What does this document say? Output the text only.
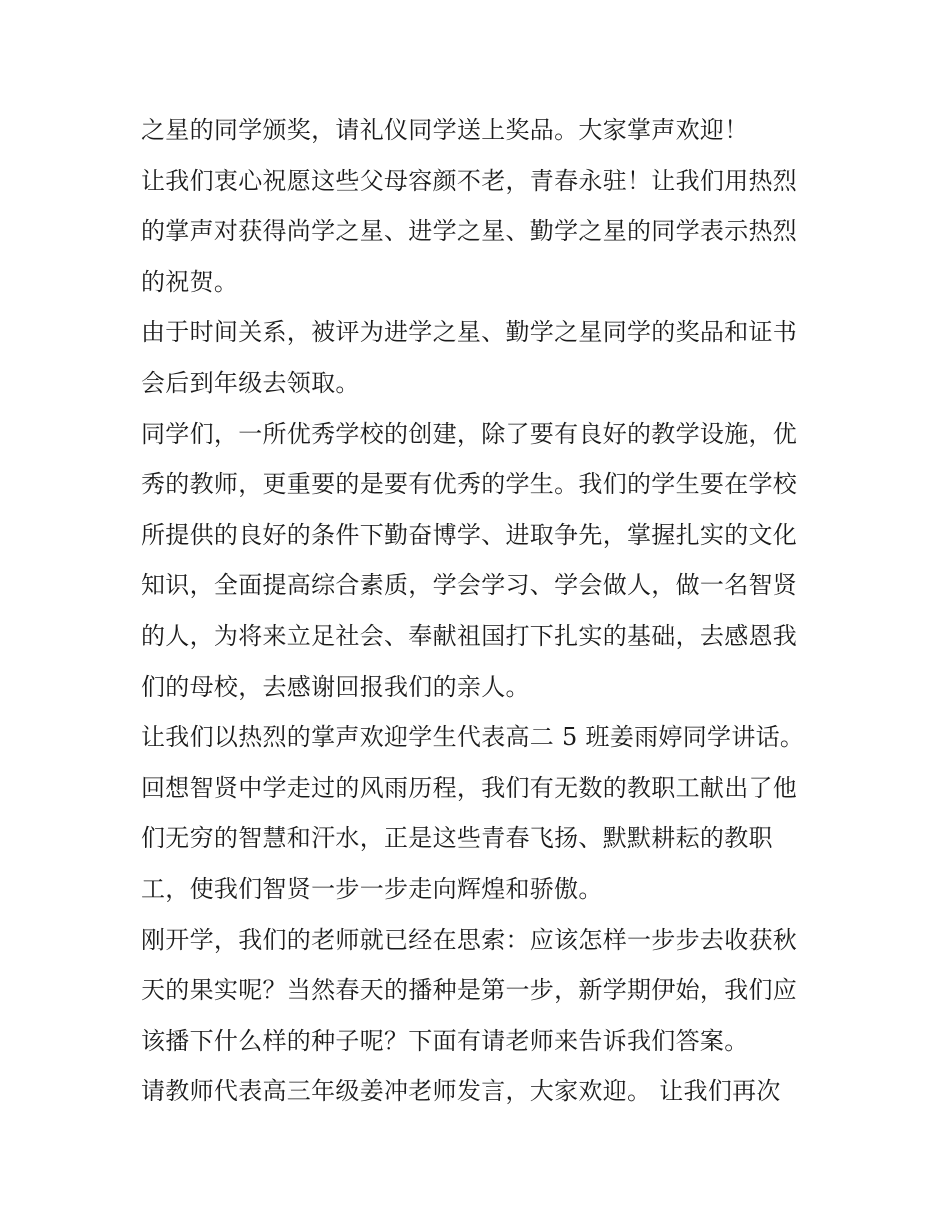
之星的同学颁奖，请礼仪同学送上奖品。大家掌声欢迎！
让我们衷心祝愿这些父母容颜不老，青春永驻！让我们用热烈
的掌声对获得尚学之星、进学之星、勤学之星的同学表示热烈
的祝贺。
由于时间关系，被评为进学之星、勤学之星同学的奖品和证书
会后到年级去领取。
同学们，一所优秀学校的创建，除了要有良好的教学设施，优
秀的教师，更重要的是要有优秀的学生。我们的学生要在学校
所提供的良好的条件下勤奋博学、进取争先，掌握扎实的文化
知识，全面提高综合素质，学会学习、学会做人，做一名智贤
的人，为将来立足社会、奉献祖国打下扎实的基础，去感恩我
们的母校，去感谢回报我们的亲人。
让我们以热烈的掌声欢迎学生代表高二 5 班姜雨婷同学讲话。
回想智贤中学走过的风雨历程，我们有无数的教职工献出了他
们无穷的智慧和汗水，正是这些青春飞扬、默默耕耘的教职
工，使我们智贤一步一步走向辉煌和骄傲。
刚开学，我们的老师就已经在思索：应该怎样一步步去收获秋
天的果实呢？当然春天的播种是第一步，新学期伊始，我们应
该播下什么样的种子呢？下面有请老师来告诉我们答案。
请教师代表高三年级姜冲老师发言，大家欢迎。 让我们再次
